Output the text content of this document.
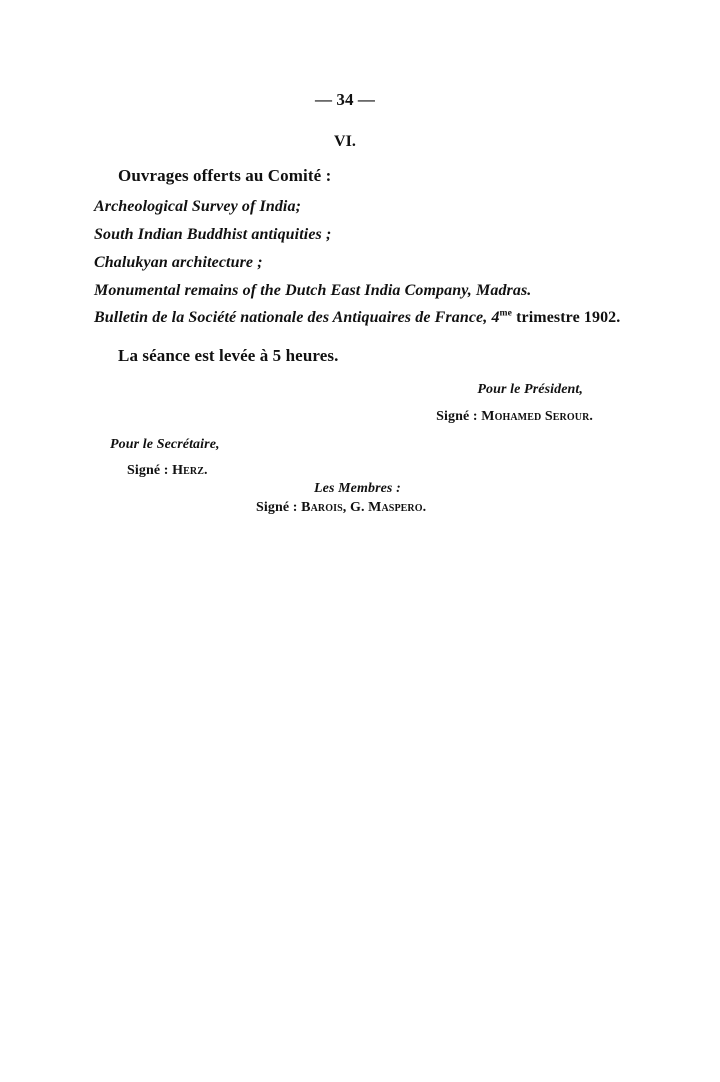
— 34 —
VI.
Ouvrages offerts au Comité :
Archeological Survey of India;
South Indian Buddhist antiquities ;
Chalukyan architecture ;
Monumental remains of the Dutch East India Company, Madras.
Bulletin de la Société nationale des Antiquaires de France, $4^{me}$ trimestre 1902.
La séance est levée à 5 heures.
Pour le Président,
Signé : Mohamed Serour.
Pour le Secrétaire,
Signé : Herz.
Les Membres :
Signé : Barois, G. Maspero.
